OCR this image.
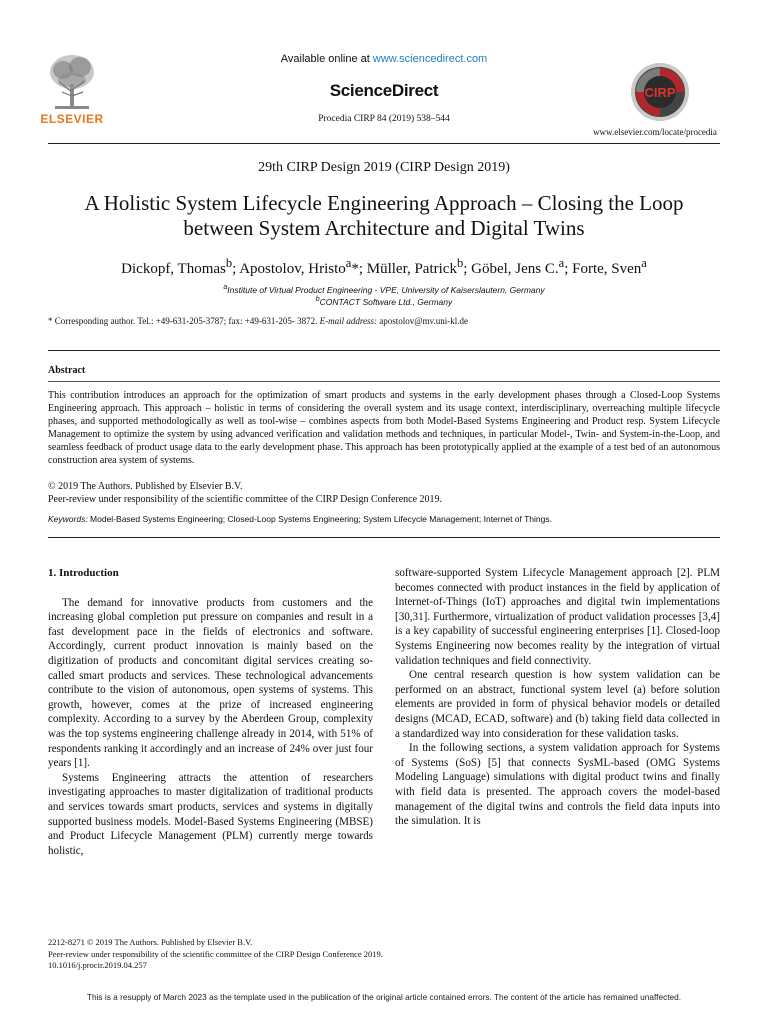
ELSEVIER
Available online at www.sciencedirect.com
ScienceDirect
Procedia CIRP 84 (2019) 538–544
CIRP
www.elsevier.com/locate/procedia
29th CIRP Design 2019 (CIRP Design 2019)
A Holistic System Lifecycle Engineering Approach – Closing the Loop
between System Architecture and Digital Twins
Dickopf, Thomas$^b$; Apostolov, Hristo$^a$*; Müller, Patrick$^b$; Göbel, Jens C.$^a$; Forte, Sven$^a$
$^a$Institute of Virtual Product Engineering - VPE, University of Kaiserslautern, Germany
$^b$CONTACT Software Ltd., Germany
* Corresponding author. Tel.: +49-631-205-3787; fax: +49-631-205- 3872. E-mail address: apostolov@mv.uni-kl.de
Abstract
This contribution introduces an approach for the optimization of smart products and systems in the early development phases through a Closed-Loop Systems Engineering approach. This approach – holistic in terms of considering the overall system and its usage context, interdisciplinary, overreaching multiple lifecycle phases, and supported methodologically as well as tool-wise – combines aspects from both Model-Based Systems Engineering and Product resp. System Lifecycle Management to optimize the system by using advanced verification and validation methods and techniques, in particular Model-, Twin- and System-in-the-Loop, and seamless feedback of product usage data to the early development phase. This approach has been prototypically applied at the example of a test bed of an autonomous construction area system of systems.
© 2019 The Authors. Published by Elsevier B.V.
Peer-review under responsibility of the scientific committee of the CIRP Design Conference 2019.
Keywords: Model-Based Systems Engineering; Closed-Loop Systems Engineering; System Lifecycle Management; Internet of Things.

1. Introduction

The demand for innovative products from customers and the increasing global completion put pressure on companies and result in a fast development pace in the fields of electronics and software. Accordingly, current product innovation is mainly based on the digitization of products and concomitant digital services creating so-called smart products and services. These technological advancements contribute to the vision of autonomous, open systems of systems. This growth, however, comes at the prize of increased engineering complexity. According to a survey by the Aberdeen Group, complexity was the top systems engineering challenge already in 2014, with 51% of respondents ranking it accordingly and an increase of 24% over just four years [1].

Systems Engineering attracts the attention of researchers investigating approaches to master digitalization of traditional products and services towards smart products, services and systems in digitally supported business models. Model-Based Systems Engineering (MBSE) and Product Lifecycle Management (PLM) currently merge towards holistic,

software-supported System Lifecycle Management approach [2]. PLM becomes connected with product instances in the field by application of Internet-of-Things (IoT) approaches and digital twin implementations [30,31]. Furthermore, virtualization of product validation processes [3,4] is a key capability of successful engineering enterprises [1]. Closed-loop Systems Engineering now becomes reality by the integration of virtual validation techniques and field connectivity.

One central research question is how system validation can be performed on an abstract, functional system level (a) before solution elements are provided in form of physical behavior models or detailed designs (MCAD, ECAD, software) and (b) taking field data collected in a standardized way into consideration for these validation tasks.

In the following sections, a system validation approach for Systems of Systems (SoS) [5] that connects SysML-based (OMG Systems Modeling Language) simulations with digital product twins and finally with field data is presented. The approach covers the model-based management of the digital twins and controls the field data inputs into the simulation. It is

2212-8271 © 2019 The Authors. Published by Elsevier B.V.
Peer-review under responsibility of the scientific committee of the CIRP Design Conference 2019.
10.1016/j.procir.2019.04.257
This is a resupply of March 2023 as the template used in the publication of the original article contained errors. The content of the article has remained unaffected.
